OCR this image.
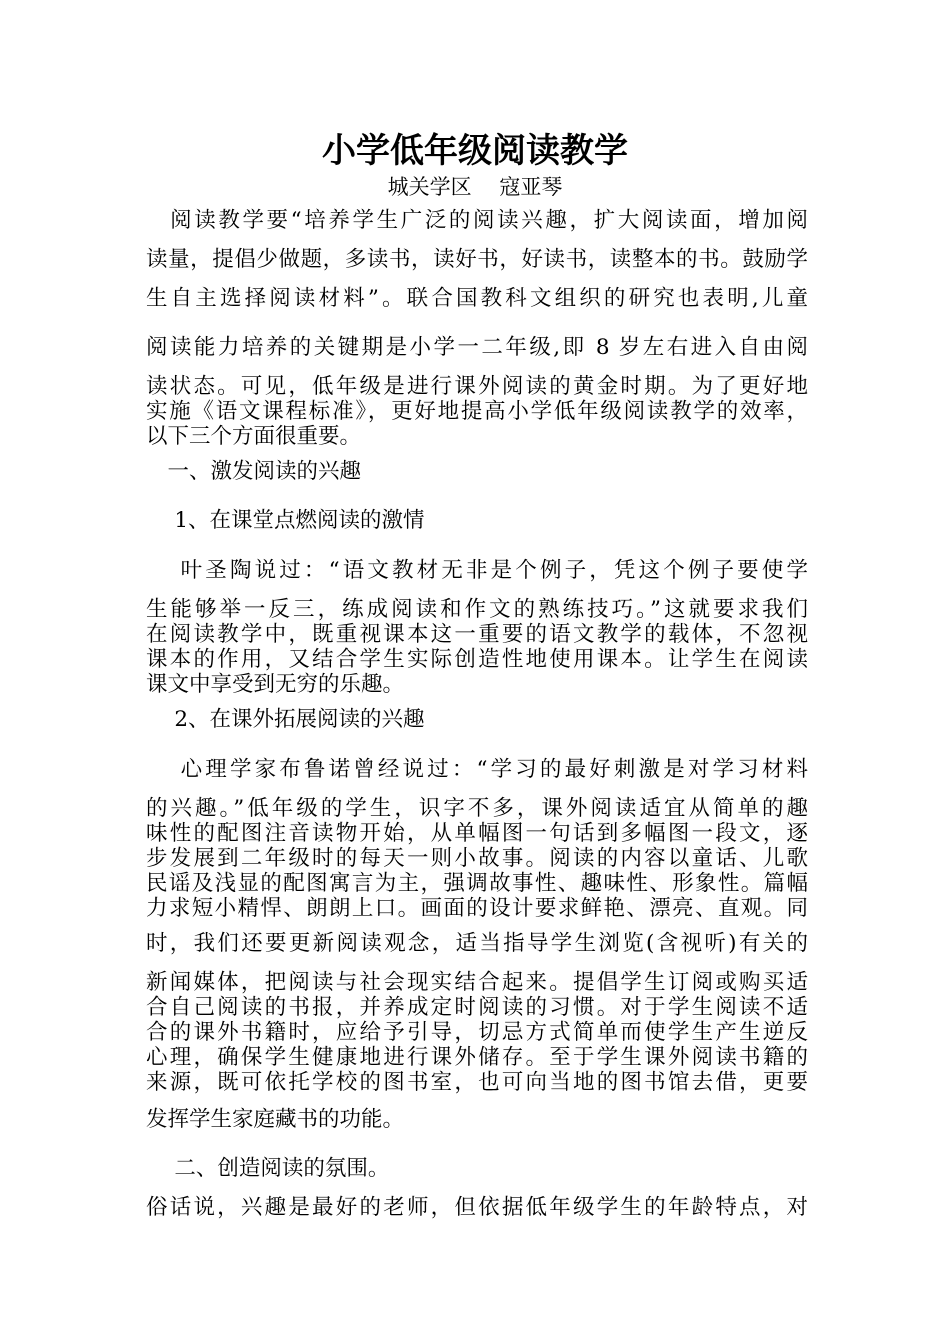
小学低年级阅读教学
城关学区　 寇亚琴
　阅读教学要“培养学生广泛的阅读兴趣，扩大阅读面，增加阅
读量，提倡少做题，多读书，读好书，好读书，读整本的书。鼓励学
生自主选择阅读材料”。联合国教科文组织的研究也表明,儿童
阅读能力培养的关键期是小学一二年级,即 8 岁左右进入自由阅
读状态。可见，低年级是进行课外阅读的黄金时期。为了更好地
实施《语文课程标准》，更好地提高小学低年级阅读教学的效率，
以下三个方面很重要。
　一、激发阅读的兴趣
　 1、在课堂点燃阅读的激情
　 叶圣陶说过：“语文教材无非是个例子，凭这个例子要使学
生能够举一反三，练成阅读和作文的熟练技巧。”这就要求我们
在阅读教学中，既重视课本这一重要的语文教学的载体，不忽视
课本的作用，又结合学生实际创造性地使用课本。让学生在阅读
课文中享受到无穷的乐趣。
　 2、在课外拓展阅读的兴趣
　 心理学家布鲁诺曾经说过：“学习的最好刺激是对学习材料
的兴趣。”低年级的学生，识字不多，课外阅读适宜从简单的趣
味性的配图注音读物开始，从单幅图一句话到多幅图一段文，逐
步发展到二年级时的每天一则小故事。阅读的内容以童话、儿歌
民谣及浅显的配图寓言为主，强调故事性、趣味性、形象性。篇幅
力求短小精悍、朗朗上口。画面的设计要求鲜艳、漂亮、直观。同
时，我们还要更新阅读观念，适当指导学生浏览(含视听)有关的
新闻媒体，把阅读与社会现实结合起来。提倡学生订阅或购买适
合自己阅读的书报，并养成定时阅读的习惯。对于学生阅读不适
合的课外书籍时，应给予引导，切忌方式简单而使学生产生逆反
心理，确保学生健康地进行课外储存。至于学生课外阅读书籍的
来源，既可依托学校的图书室，也可向当地的图书馆去借，更要
发挥学生家庭藏书的功能。
　 二、创造阅读的氛围。
俗话说，兴趣是最好的老师，但依据低年级学生的年龄特点，对
